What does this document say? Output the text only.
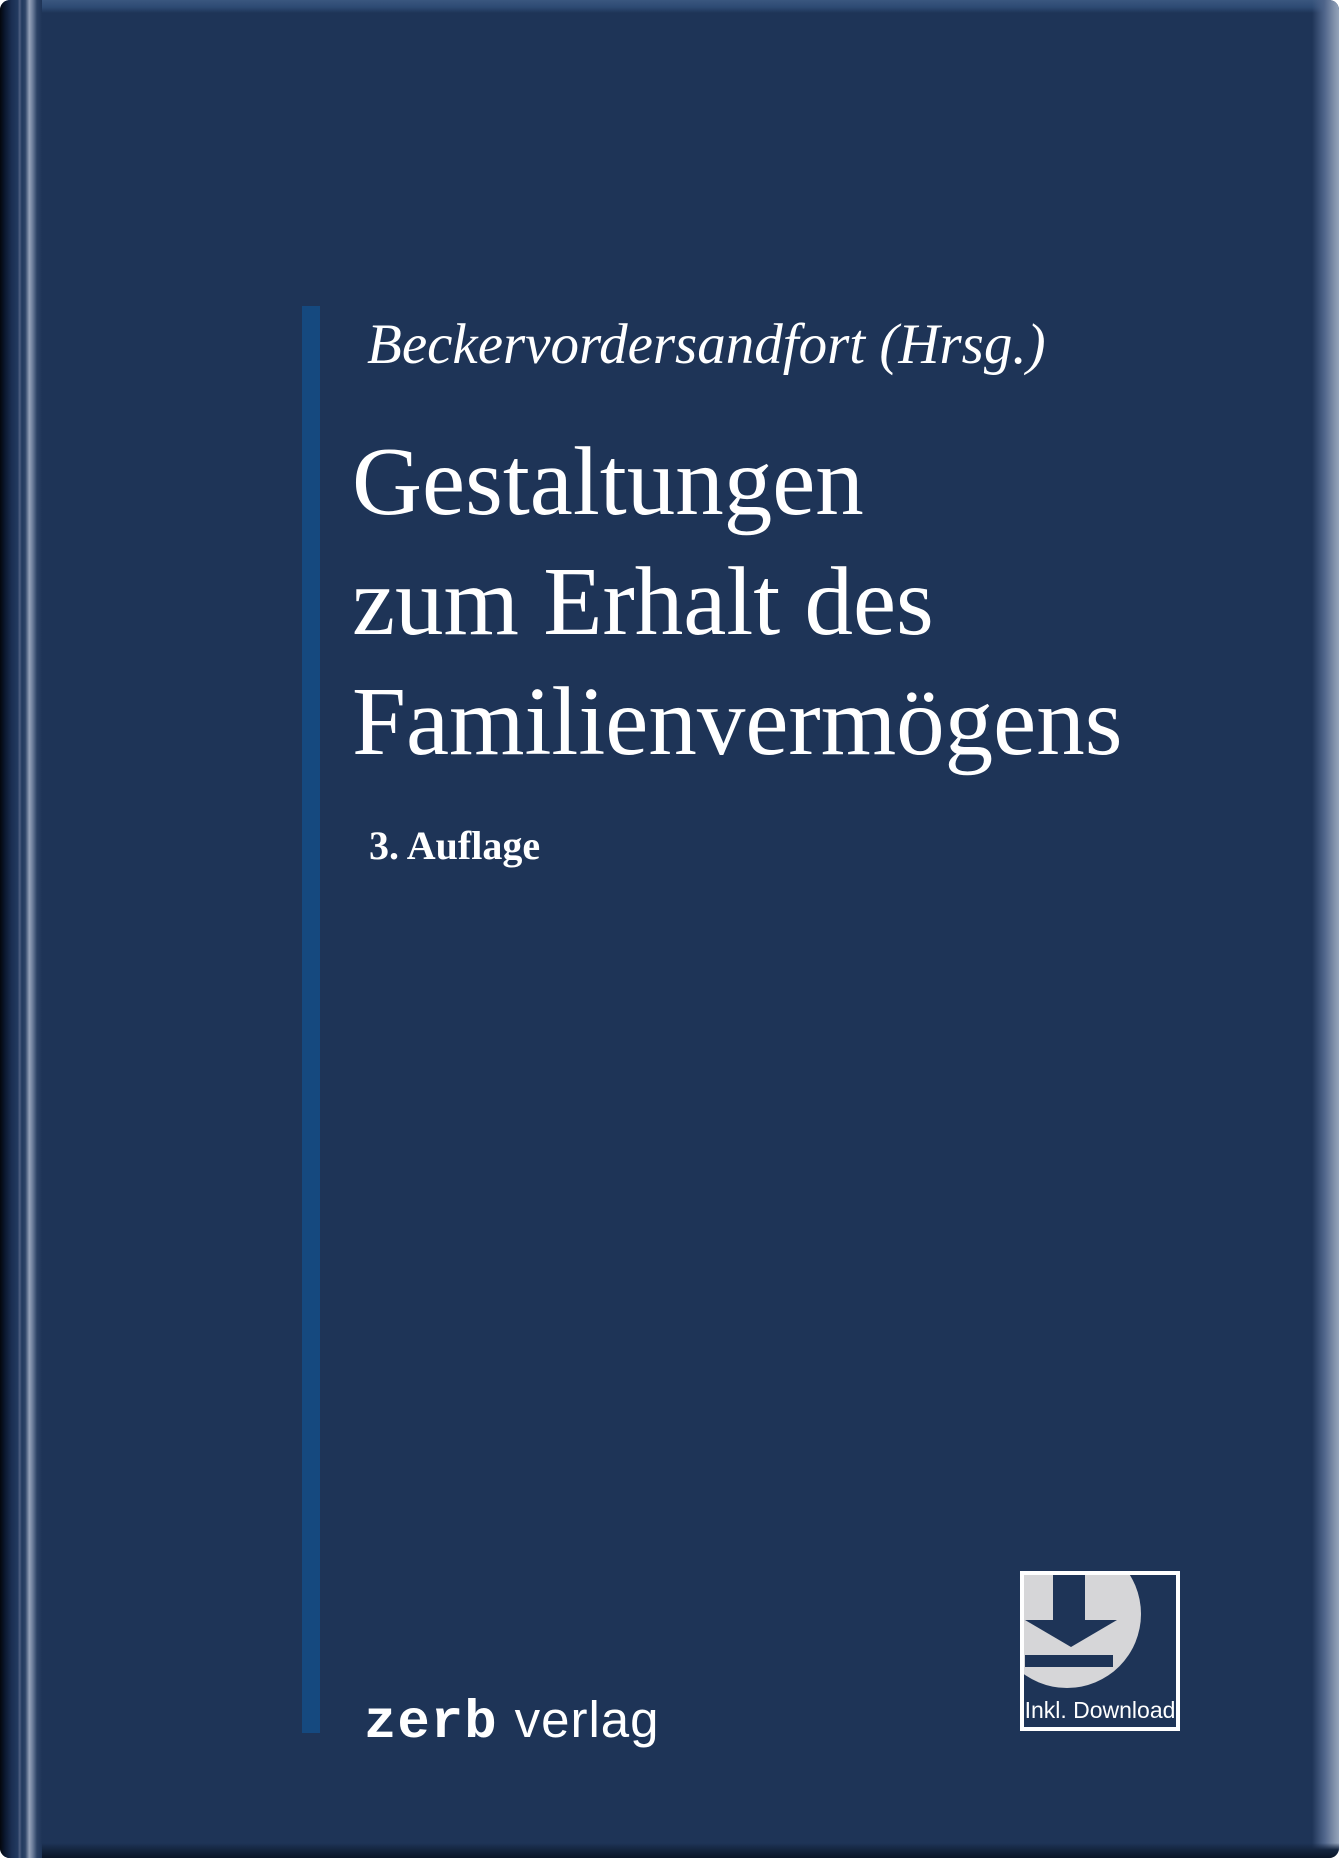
Beckervordersandfort (Hrsg.)
Gestaltungen
zum Erhalt des
Familienvermögens
3. Auflage
zerb verlag	Inkl. Download
